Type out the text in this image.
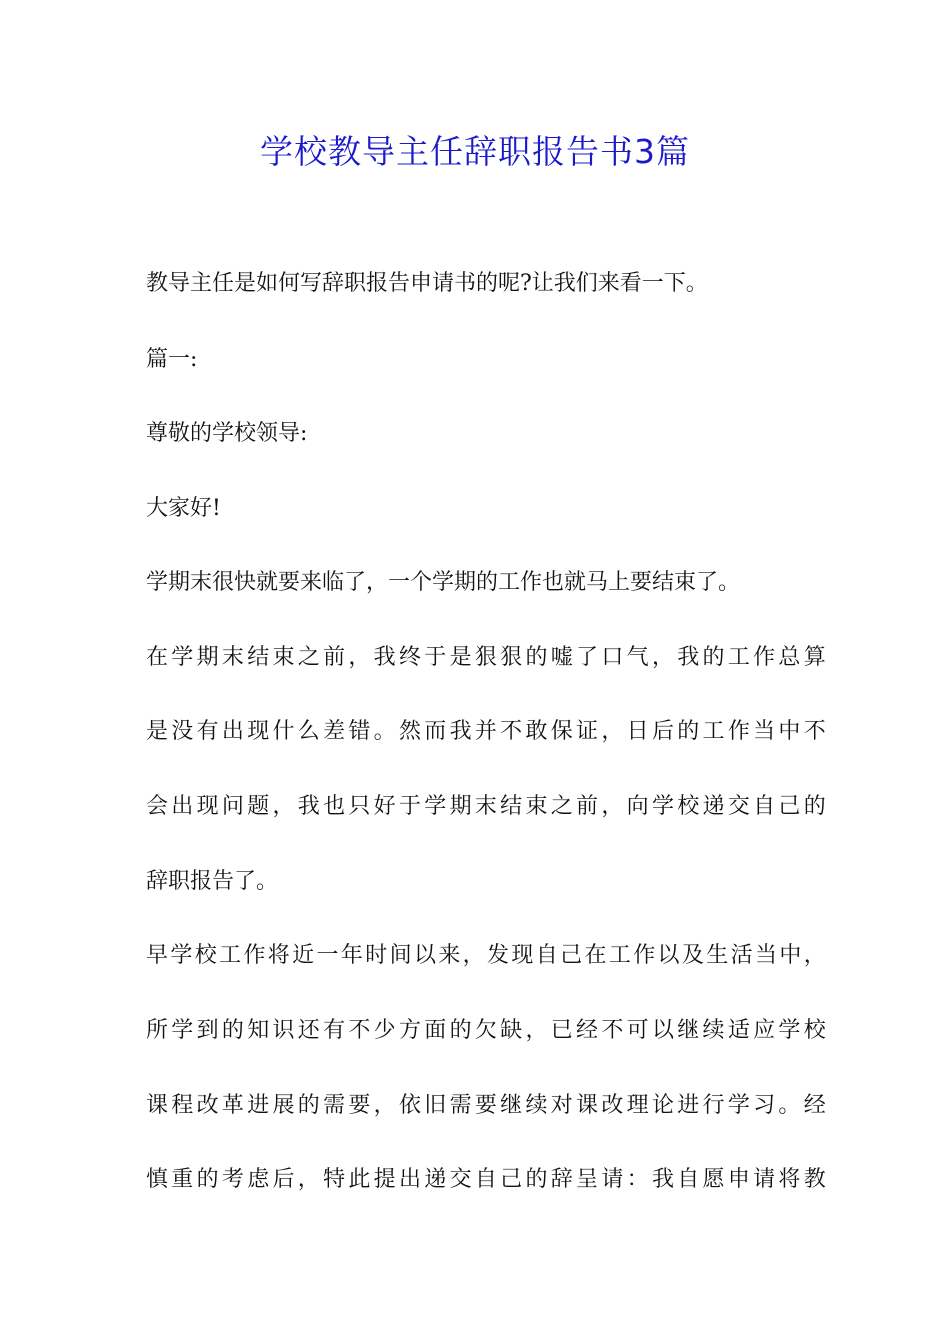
学校教导主任辞职报告书3篇
教导主任是如何写辞职报告申请书的呢?让我们来看一下。
篇一:
尊敬的学校领导:
大家好!
学期末很快就要来临了，一个学期的工作也就马上要结束了。
在 学 期 末 结 束 之 前 ， 我 终 于 是 狠 狠 的 嘘 了 口 气 ， 我 的 工 作 总 算
是 没 有 出 现 什 么 差 错 。 然 而 我 并 不 敢 保 证 ， 日 后 的 工 作 当 中 不
会 出 现 问 题 ， 我 也 只 好 于 学 期 末 结 束 之 前 ， 向 学 校 递 交 自 己 的
辞职报告了。
早 学 校 工 作 将 近 一 年 时 间 以 来 ， 发 现 自 己 在 工 作 以 及 生 活 当 中 ，
所 学 到 的 知 识 还 有 不 少 方 面 的 欠 缺 ， 已 经 不 可 以 继 续 适 应 学 校
课 程 改 革 进 展 的 需 要 ， 依 旧 需 要 继 续 对 课 改 理 论 进 行 学 习 。 经
慎 重 的 考 虑 后 ， 特 此 提 出 递 交 自 己 的 辞 呈 请 ： 我 自 愿 申 请 将 教
